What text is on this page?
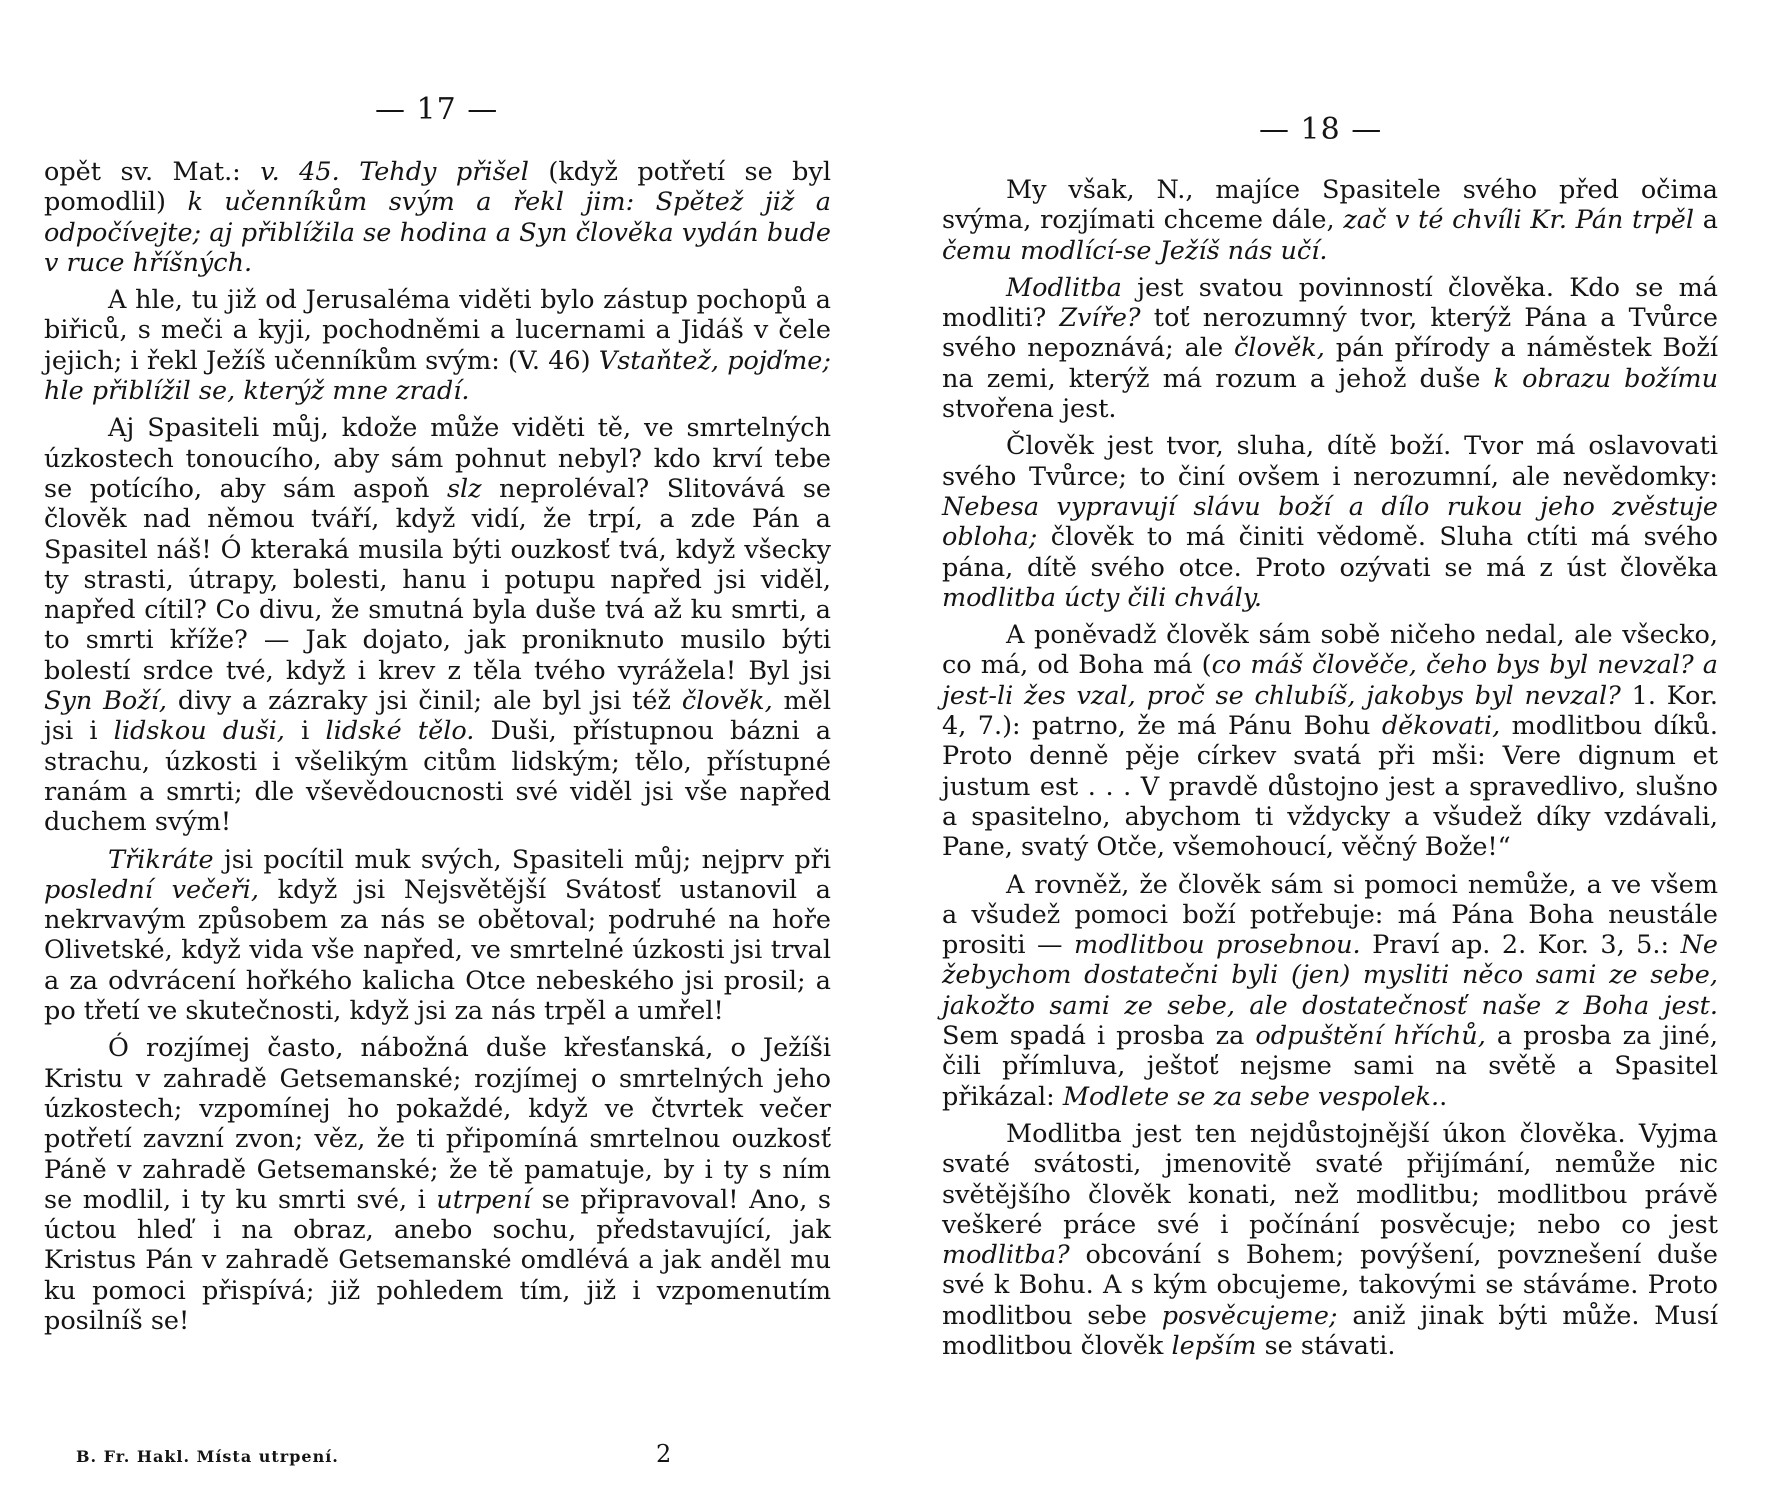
— 17 —

opět sv. Mat.: v. 45. Tehdy přišel (když potřetí se byl pomodlil) k učenníkům svým a řekl jim: Spětež již a odpočívejte; aj přiblížila se hodina a Syn člověka vydán bude v ruce hříšných.

A hle, tu již od Jerusaléma viděti bylo zástup pochopů a biřiců, s meči a kyji, pochodněmi a lucernami a Jidáš v čele jejich; i řekl Ježíš učenníkům svým: (V. 46) Vstaňtež, pojďme; hle přiblížil se, kterýž mne zradí.

Aj Spasiteli můj, kdože může viděti tě, ve smrtelných úzkostech tonoucího, aby sám pohnut nebyl? kdo krví tebe se potícího, aby sám aspoň slz neproléval? Slitovává se člověk nad němou tváří, když vidí, že trpí, a zde Pán a Spasitel náš! Ó kteraká musila býti ouzkosť tvá, když všecky ty strasti, útrapy, bolesti, hanu i potupu napřed jsi viděl, napřed cítil? Co divu, že smutná byla duše tvá až ku smrti, a to smrti kříže? — Jak dojato, jak proniknuto musilo býti bolestí srdce tvé, když i krev z těla tvého vyrážela! Byl jsi Syn Boží, divy a zázraky jsi činil; ale byl jsi též člověk, měl jsi i lidskou duši, i lidské tělo. Duši, přístupnou bázni a strachu, úzkosti i všelikým citům lidským; tělo, přístupné ranám a smrti; dle vševědoucnosti své viděl jsi vše napřed duchem svým!

Třikráte jsi pocítil muk svých, Spasiteli můj; nejprv při poslední večeři, když jsi Nejsvětější Svátosť ustanovil a nekrvavým způsobem za nás se obětoval; podruhé na hoře Olivetské, když vida vše napřed, ve smrtelné úzkosti jsi trval a za odvrácení hořkého kalicha Otce nebeského jsi prosil; a po třetí ve skutečnosti, když jsi za nás trpěl a umřel!

Ó rozjímej často, nábožná duše křesťanská, o Ježíši Kristu v zahradě Getsemanské; rozjímej o smrtelných jeho úzkostech; vzpomínej ho pokaždé, když ve čtvrtek večer potřetí zavzní zvon; věz, že ti připomíná smrtelnou ouzkosť Páně v zahradě Getsemanské; že tě pamatuje, by i ty s ním se modlil, i ty ku smrti své, i utrpení se připravoval! Ano, s úctou hleď i na obraz, anebo sochu, představující, jak Kristus Pán v zahradě Getsemanské omdlévá a jak anděl mu ku pomoci přispívá; již pohledem tím, již i vzpomenutím posilníš se!

B. Fr. Hakl. Místa utrpení.	2
— 18 —

My však, N., majíce Spasitele svého před očima svýma, rozjímati chceme dále, zač v té chvíli Kr. Pán trpěl a čemu modlící-se Ježíš nás učí.

Modlitba jest svatou povinností člověka. Kdo se má modliti? Zvíře? toť nerozumný tvor, kterýž Pána a Tvůrce svého nepoznává; ale člověk, pán přírody a náměstek Boží na zemi, kterýž má rozum a jehož duše k obrazu božímu stvořena jest.

Člověk jest tvor, sluha, dítě boží. Tvor má oslavovati svého Tvůrce; to činí ovšem i nerozumní, ale nevědomky: Nebesa vypravují slávu boží a dílo rukou jeho zvěstuje obloha; člověk to má činiti vědomě. Sluha ctíti má svého pána, dítě svého otce. Proto ozývati se má z úst člověka modlitba úcty čili chvály.

A poněvadž člověk sám sobě ničeho nedal, ale všecko, co má, od Boha má (co máš člověče, čeho bys byl nevzal? a jest-li žes vzal, proč se chlubíš, jakobys byl nevzal? 1. Kor. 4, 7.): patrno, že má Pánu Bohu děkovati, modlitbou díků. Proto denně pěje církev svatá při mši: Vere dignum et justum est . . . V pravdě důstojno jest a spravedlivo, slušno a spasitelno, abychom ti vždycky a všudež díky vzdávali, Pane, svatý Otče, všemohoucí, věčný Bože!“

A rovněž, že člověk sám si pomoci nemůže, a ve všem a všudež pomoci boží potřebuje: má Pána Boha neustále prositi — modlitbou prosebnou. Praví ap. 2. Kor. 3, 5.: Ne žebychom dostatečni byli (jen) mysliti něco sami ze sebe, jakožto sami ze sebe, ale dostatečnosť naše z Boha jest. Sem spadá i prosba za odpuštění hříchů, a prosba za jiné, čili přímluva, ještoť nejsme sami na světě a Spasitel přikázal: Modlete se za sebe vespolek..

Modlitba jest ten nejdůstojnější úkon člověka. Vyjma svaté svátosti, jmenovitě svaté přijímání, nemůže nic světějšího člověk konati, než modlitbu; modlitbou právě veškeré práce své i počínání posvěcuje; nebo co jest modlitba? obcování s Bohem; povýšení, povznešení duše své k Bohu. A s kým obcujeme, takovými se stáváme. Proto modlitbou sebe posvěcujeme; aniž jinak býti může. Musí modlitbou člověk lepším se stávati.
